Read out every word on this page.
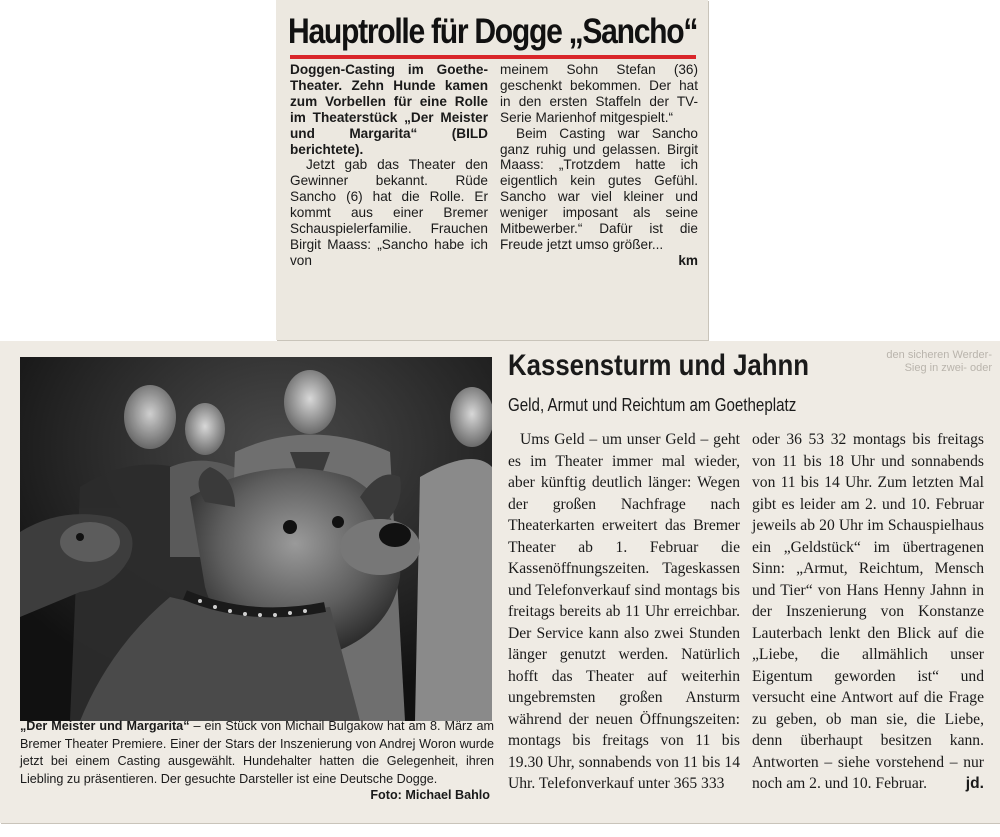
Hauptrolle für Dogge „Sancho“

Doggen-Casting im Goethe-Theater. Zehn Hunde kamen zum Vorbellen für eine Rolle im Theaterstück „Der Meister und Margarita“ (BILD berichtete).

Jetzt gab das Theater den Gewinner bekannt. Rüde Sancho (6) hat die Rolle. Er kommt aus einer Bremer Schauspielerfamilie. Frauchen Birgit Maass: „Sancho habe ich von

meinem Sohn Stefan (36) geschenkt bekommen. Der hat in den ersten Staffeln der TV-Serie Marienhof mitgespielt.“

Beim Casting war Sancho ganz ruhig und gelassen. Birgit Maass: „Trotzdem hatte ich eigentlich kein gutes Gefühl. Sancho war viel kleiner und weniger imposant als seine Mitbewerber.“ Dafür ist die Freude jetzt umso größer...
km

„Der Meister und Margarita“ – ein Stück von Michail Bulgakow hat am 8. März am Bremer Theater Premiere. Einer der Stars der Inszenierung von Andrej Woron wurde jetzt bei einem Casting ausgewählt. Hundehalter hatten die Gelegenheit, ihren Liebling zu präsentieren. Der gesuchte Darsteller ist eine Deutsche Dogge.
Foto: Michael Bahlo
Kassensturm und Jahnn
Geld, Armut und Reichtum am Goetheplatz

Ums Geld – um unser Geld – geht es im Theater immer mal wieder, aber künftig deutlich länger: Wegen der großen Nachfrage nach Theaterkarten erweitert das Bremer Theater ab 1. Februar die Kassenöffnungszeiten. Tageskassen und Telefonverkauf sind montags bis freitags bereits ab 11 Uhr erreichbar. Der Service kann also zwei Stunden länger genutzt werden. Natürlich hofft das Theater auf weiterhin ungebremsten großen Ansturm während der neuen Öffnungszeiten: montags bis freitags von 11 bis 19.30 Uhr, sonnabends von 11 bis 14 Uhr. Telefonverkauf unter 365 333

oder 36 53 32 montags bis freitags von 11 bis 18 Uhr und sonnabends von 11 bis 14 Uhr. Zum letzten Mal gibt es leider am 2. und 10. Februar jeweils ab 20 Uhr im Schauspielhaus ein „Geldstück“ im übertragenen Sinn: „Armut, Reichtum, Mensch und Tier“ von Hans Henny Jahnn in der Inszenierung von Konstanze Lauterbach lenkt den Blick auf die „Liebe, die allmählich unser Eigentum geworden ist“ und versucht eine Antwort auf die Frage zu geben, ob man sie, die Liebe, denn überhaupt besitzen kann. Antworten – siehe vorstehend – nur noch am 2. und 10. Februar. jd.

den sicheren Werder-Sieg in zwei- oder
